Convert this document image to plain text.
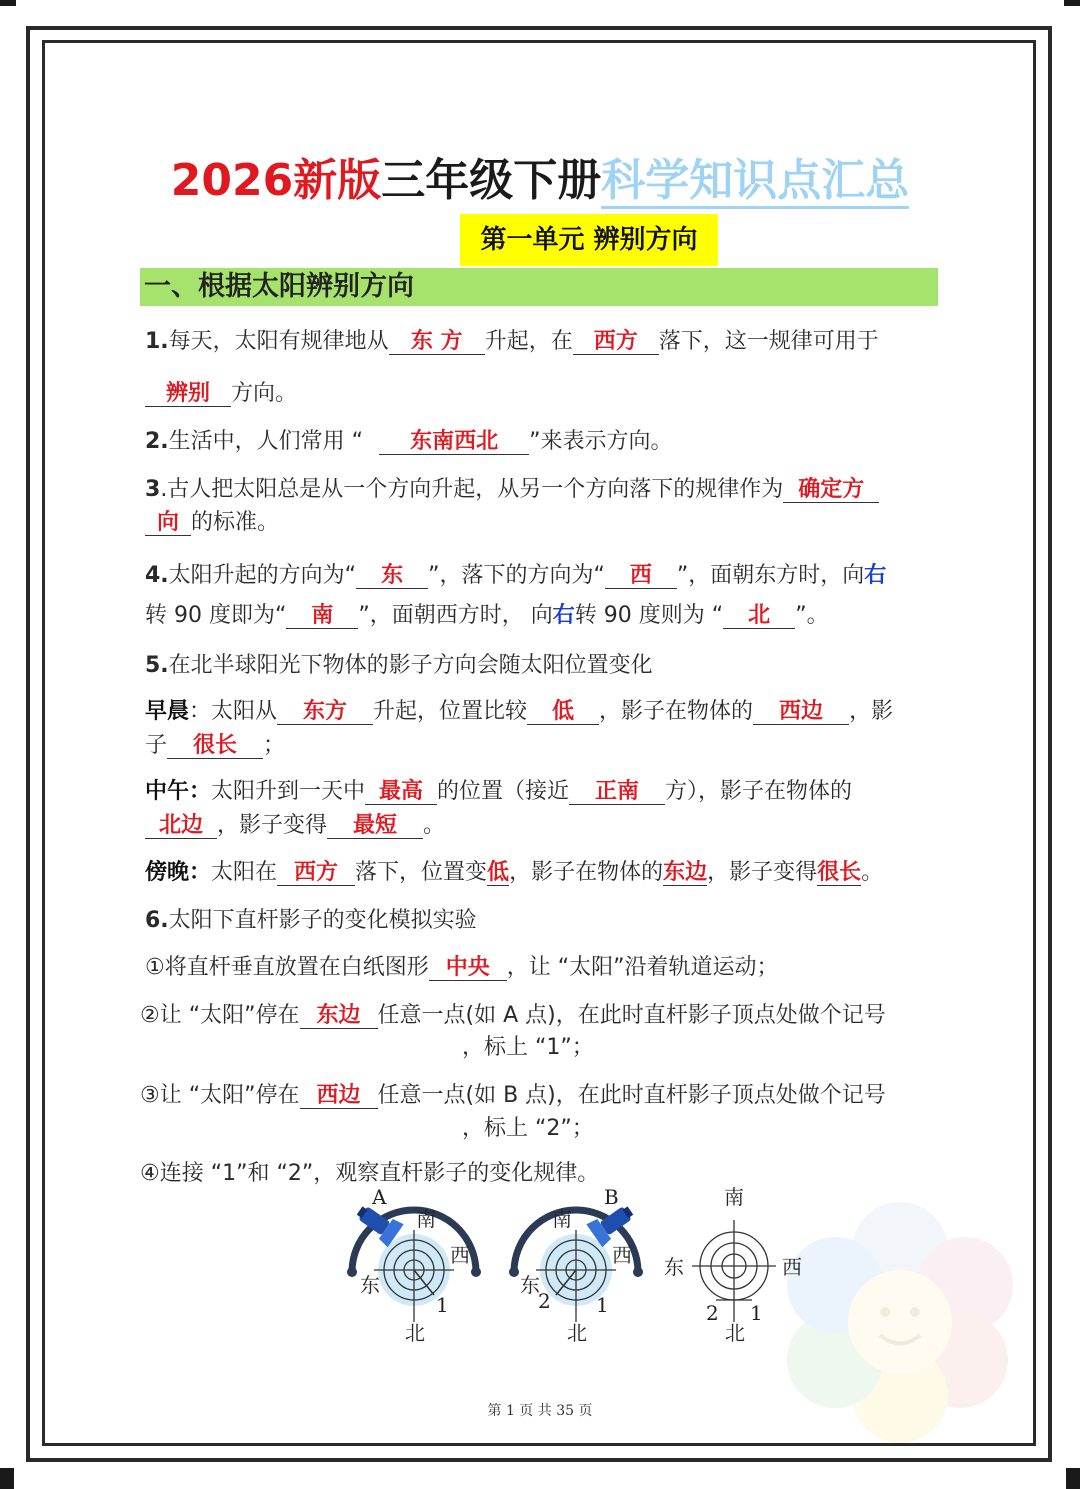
2026新版三年级下册科学知识点汇总
第一单元 辨别方向
一、根据太阳辨别方向
1.每天，太阳有规律地从 东 方 升起，在 西方 落下，这一规律可用于
辨别 方向。
2.生活中，人们常用 “ 东南西北 ”来表示方向。
3.古人把太阳总是从一个方向升起，从另一个方向落下的规律作为 确定方
向 的标准。
4.太阳升起的方向为“ 东 ”，落下的方向为“ 西 ”，面朝东方时，向右
转 90 度即为“ 南 ”，面朝西方时， 向右转 90 度则为 “ 北 ”。
5.在北半球阳光下物体的影子方向会随太阳位置变化
早晨：太阳从 东方 升起，位置比较 低 ，影子在物体的 西边 ，影
子 很长 ；
中午：太阳升到一天中 最高 的位置（接近 正南 方），影子在物体的
北边 ，影子变得 最短 。
傍晚：太阳在 西方 落下，位置变低，影子在物体的东边，影子变得很长。
6.太阳下直杆影子的变化模拟实验
①将直杆垂直放置在白纸图形 中央 ，让 “太阳”沿着轨道运动；
②让 “太阳”停在 东边 任意一点(如 A 点)，在此时直杆影子顶点处做个记号
，标上 “1”；
③让 “太阳”停在 西边 任意一点(如 B 点)，在此时直杆影子顶点处做个记号
，标上 “2”；
④连接 “1”和 “2”，观察直杆影子的变化规律。
A
南
西
东
1
北
B
南
西
东
2 1
北
南
西
东
2 1
北
第 1 页 共 35 页
